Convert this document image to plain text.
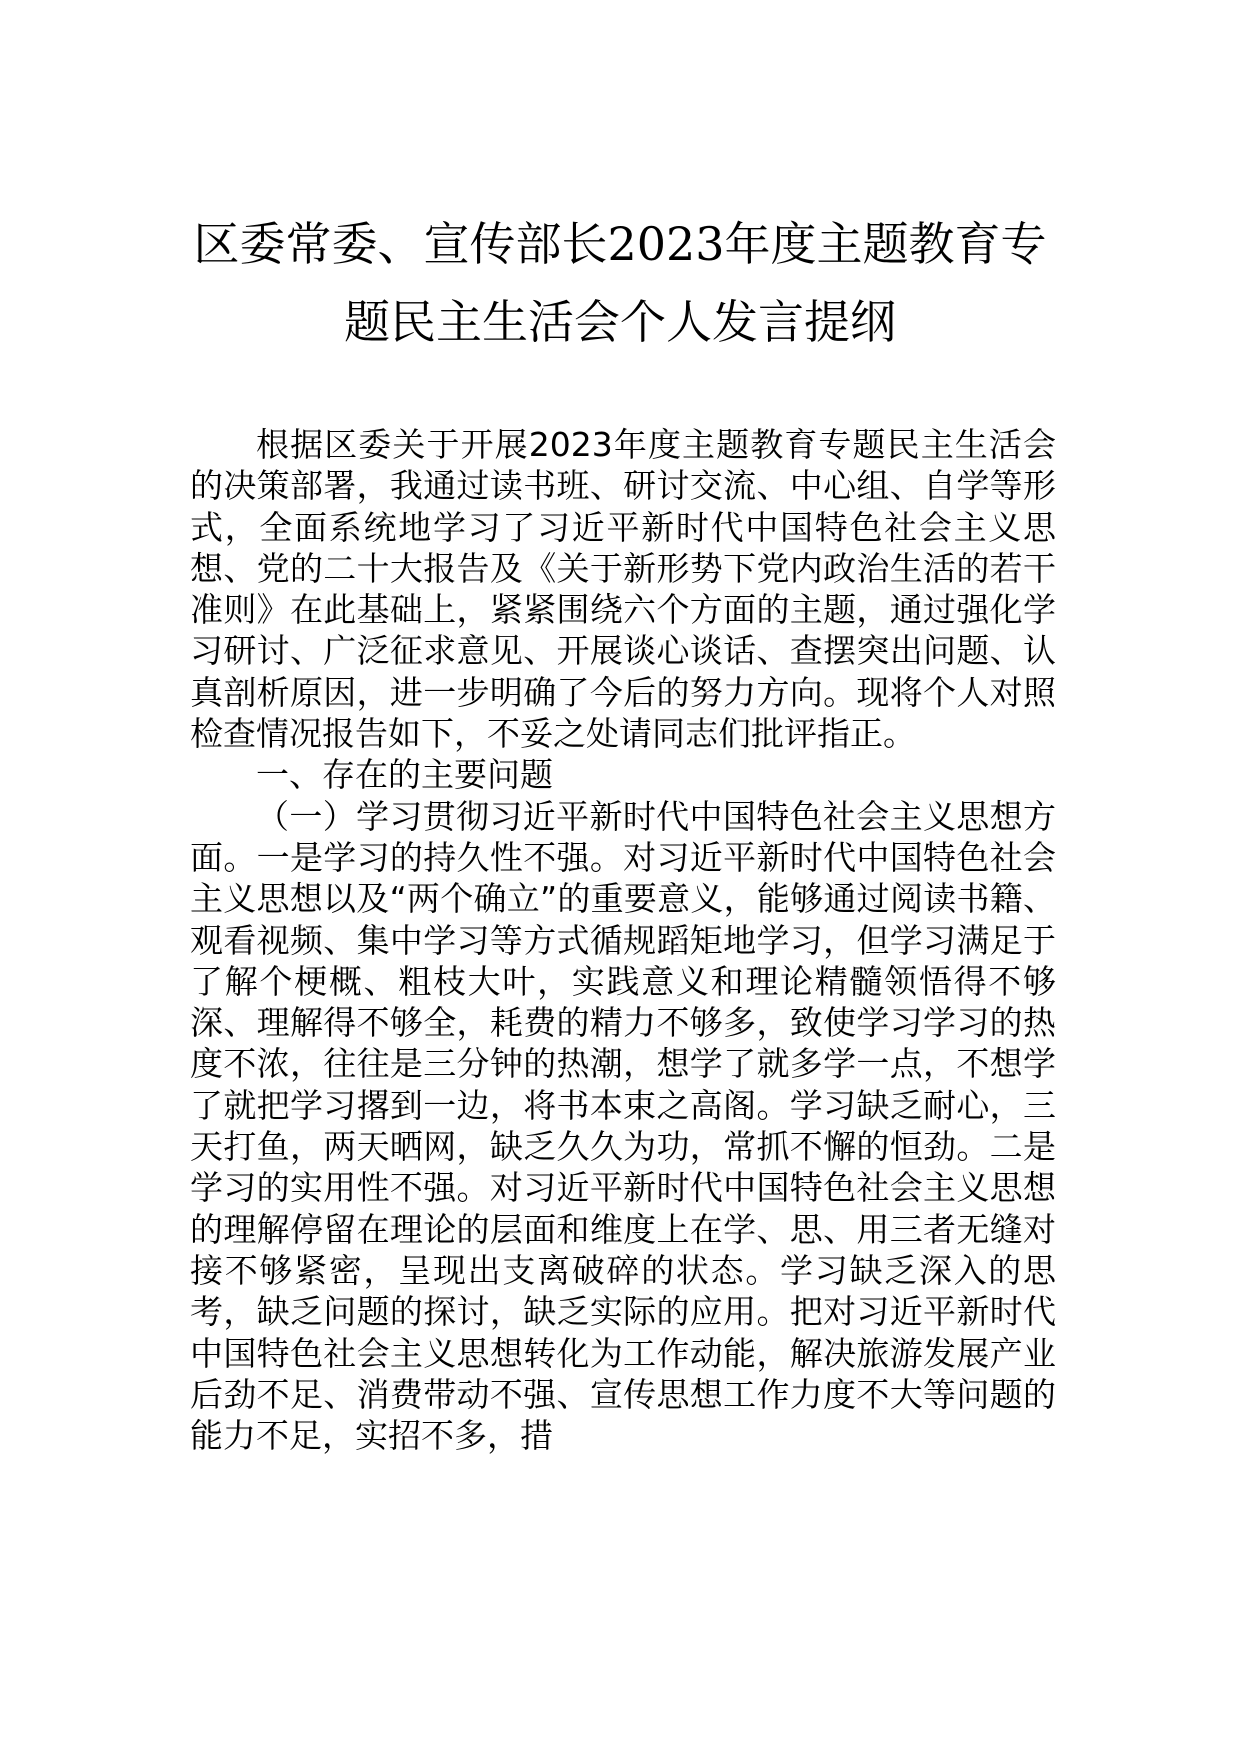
区委常委、宣传部长2023年度主题教育专
题民主生活会个人发言提纲

根据区委关于开展2023年度主题教育专题民主生活会的决策部署，我通过读书班、研讨交流、中心组、自学等形式，全面系统地学习了习近平新时代中国特色社会主义思想、党的二十大报告及《关于新形势下党内政治生活的若干准则》在此基础上，紧紧围绕六个方面的主题，通过强化学习研讨、广泛征求意见、开展谈心谈话、查摆突出问题、认真剖析原因，进一步明确了今后的努力方向。现将个人对照检查情况报告如下，不妥之处请同志们批评指正。

一、存在的主要问题

（一）学习贯彻习近平新时代中国特色社会主义思想方面。一是学习的持久性不强。对习近平新时代中国特色社会主义思想以及“两个确立”的重要意义，能够通过阅读书籍、观看视频、集中学习等方式循规蹈矩地学习，但学习满足于了解个梗概、粗枝大叶，实践意义和理论精髓领悟得不够深、理解得不够全，耗费的精力不够多，致使学习学习的热度不浓，往往是三分钟的热潮，想学了就多学一点，不想学了就把学习撂到一边，将书本束之高阁。学习缺乏耐心，三天打鱼，两天晒网，缺乏久久为功，常抓不懈的恒劲。二是学习的实用性不强。对习近平新时代中国特色社会主义思想的理解停留在理论的层面和维度上在学、思、用三者无缝对接不够紧密，呈现出支离破碎的状态。学习缺乏深入的思考，缺乏问题的探讨，缺乏实际的应用。把对习近平新时代中国特色社会主义思想转化为工作动能，解决旅游发展产业后劲不足、消费带动不强、宣传思想工作力度不大等问题的能力不足，实招不多，措
